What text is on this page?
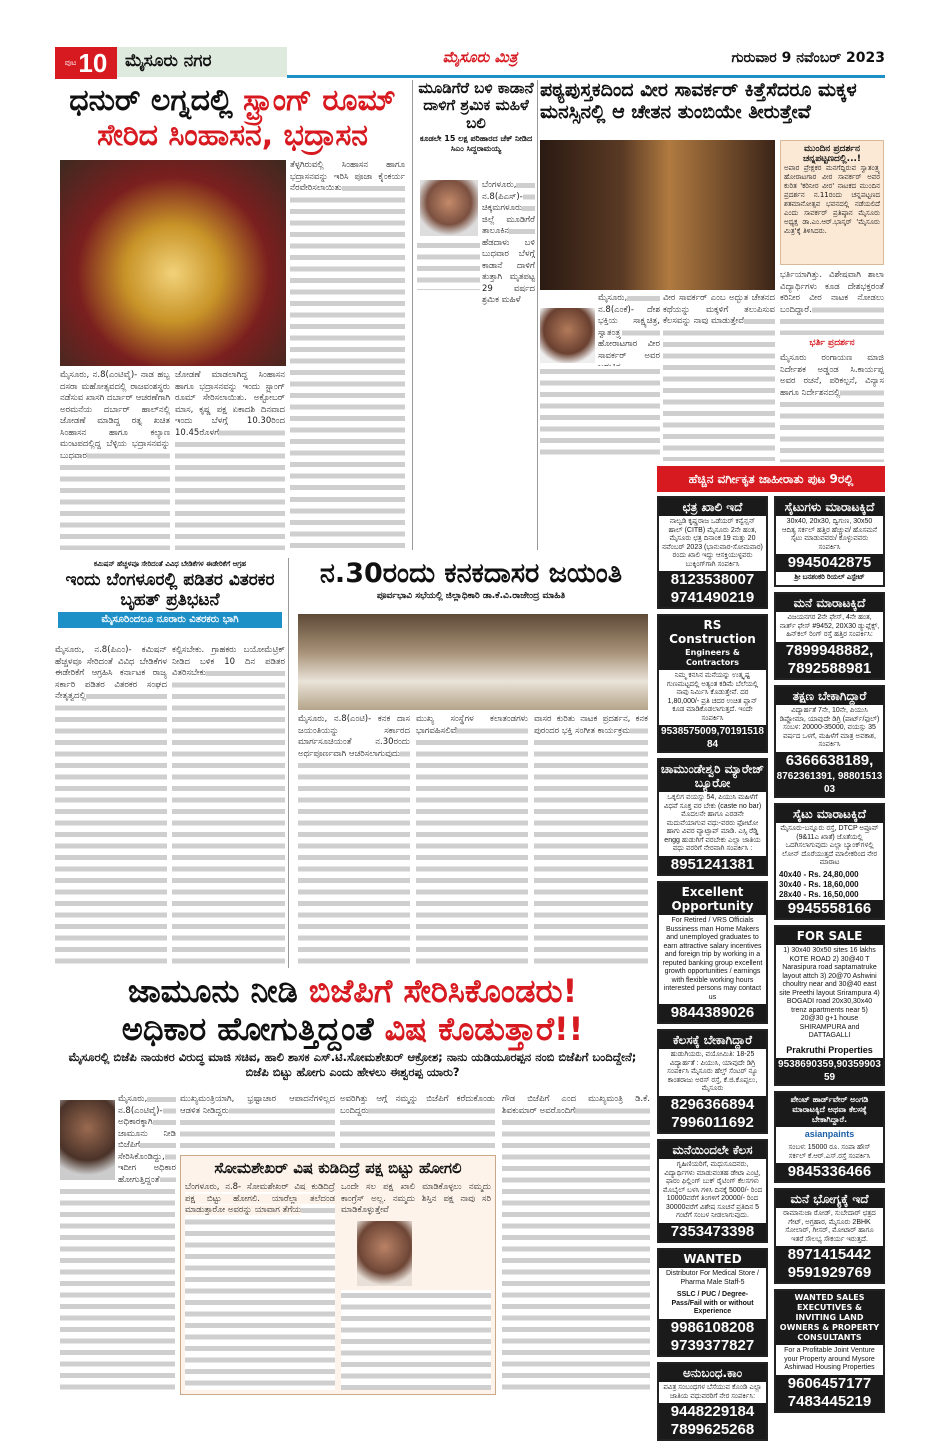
ಪುಟ 10	ಮೈಸೂರು ನಗರ	ಮೈಸೂರು ಮಿತ್ರ	ಗುರುವಾರ 9 ನವೆಂಬರ್ 2023
ಧನುರ್ ಲಗ್ನದಲ್ಲಿ ಸ್ಟ್ರಾಂಗ್ ರೂಮ್
ಸೇರಿದ ಸಿಂಹಾಸನ, ಭದ್ರಾಸನ
ತೆಳ್ಳಗಿರುವಲ್ಲಿ ಸಿಂಹಾಸನ ಹಾಗೂ ಭದ್ರಾಸನವನ್ನು ಇರಿಸಿ ಪೂಜಾ ಕೈಂಕರ್ಯ ನೆರವೇರಿಸಲಾಯಿತು
ಮೈಸೂರು, ನ.8(ಎಂಟಿವೈ)- ನಾಡ ಹಬ್ಬ ದಸರಾ ಮಹೋತ್ಸವದಲ್ಲಿ ರಾಜವಂಶಸ್ಥರು ನಡೆಸುವ ಖಾಸಗಿ ದರ್ಬಾರ್ ಆಚರಣೆಗಾಗಿ ಅರಮನೆಯ ದರ್ಬಾರ್ ಹಾಲ್‌ನಲ್ಲಿ ಜೋಡಣೆ ಮಾಡಿದ್ದ ರತ್ನ ಖಚಿತ ಸಿಂಹಾಸನ ಹಾಗೂ ಕಲ್ಯಾಣ ಮಂಟಪದಲ್ಲಿದ್ದ ಬೆಳ್ಳಿಯ ಭದ್ರಾಸನವನ್ನು ಬುಧವಾರ
ಜೋಡಣೆ ಮಾಡಲಾಗಿದ್ದ ಸಿಂಹಾಸನ ಹಾಗೂ ಭದ್ರಾಸನವನ್ನು ಇಂದು ಸ್ಟ್ರಾಂಗ್ ರೂಮ್ ಸೇರಿಸಲಾಯಿತು. ಅಕ್ಟೋಬರ್ ಮಾಸ, ಕೃಷ್ಣ ಪಕ್ಷ ಏಕಾದಶಿ ದಿನವಾದ ಇಂದು ಬೆಳಗ್ಗೆ 10.30ರಿಂದ 10.45ರೊಳಗೆ
ಮೂಡಿಗೆರೆ ಬಳಿ ಕಾಡಾನೆ ದಾಳಿಗೆ ಶ್ರಮಿಕ ಮಹಿಳೆ ಬಲಿ
ಕೂಡಲೇ 15 ಲಕ್ಷ ಪರಿಹಾರದ ಚೆಕ್ ನೀಡಿದ ಸಿಎಂ ಸಿದ್ದರಾಮಯ್ಯ
ಬೆಂಗಳೂರು, ನ.8(ಪಿಎಸ್)- ಚಿಕ್ಕಮಗಳೂರು ಜಿಲ್ಲೆ ಮೂಡಿಗೆರೆ ತಾಲೂಕಿನ ಹೆಡದಾಳು ಬಳಿ ಬುಧವಾರ ಬೆಳಗ್ಗೆ ಕಾಡಾನೆ ದಾಳಿಗೆ ತುತ್ತಾಗಿ ಮೃತಪಟ್ಟ 29 ವರ್ಷದ ಶ್ರಮಿಕ ಮಹಿಳೆ
ಪಠ್ಯಪುಸ್ತಕದಿಂದ ವೀರ ಸಾವರ್ಕರ್ ಕಿತ್ತೆಸೆದರೂ ಮಕ್ಕಳ ಮನಸ್ಸಿನಲ್ಲಿ ಆ ಚೇತನ ತುಂಬಿಯೇ ತೀರುತ್ತೇವೆ
ಮುಂದಿನ ಪ್ರದರ್ಶನ ಚನ್ನಪಟ್ಟಣದಲ್ಲಿ...!
ಅಪಾರ ಪ್ರೇಕ್ಷಕರ ಮನಗೆದ್ದಿರುವ ಸ್ವಾತಂತ್ರ್ಯ ಹೋರಾಟಗಾರ ವೀರ ಸಾವರ್ಕರ್ ಅವರ ಕುರಿತ 'ಕರಿನೀರ ವೀರ' ನಾಟಕದ ಮುಂದಿನ ಪ್ರದರ್ಶನ ನ.11ರಂದು ಚನ್ನಪಟ್ಟಣದ ಶತಮಾನೋತ್ಸವ ಭವನದಲ್ಲಿ ನಡೆಯಲಿದೆ ಎಂದು ಸಾವರ್ಕರ್ ಪ್ರತಿಷ್ಠಾನ ಮೈಸೂರು ಅಧ್ಯಕ್ಷ ಡಾ.ಎಂ.ಆರ್.ಭಾಸ್ಕರ್ 'ಮೈಸೂರು ಮಿತ್ರ'ಕ್ಕೆ ತಿಳಿಸಿದರು.
ಮೈಸೂರು, ನ.8(ಎಂಕೆ)- ದೇಶ ಭಕ್ತಿಯ ಸಾಕ್ಷ್ಯಚಿತ್ರ, ಸ್ವಾತಂತ್ರ್ಯ ಹೋರಾಟಗಾರ ವೀರ ಸಾವರ್ಕರ್ ಅವರ
ವೀರ ಸಾವರ್ಕರ್ ಎಂಬ ಅದ್ಭುತ ಚೇತನದ ಕಥೆಯನ್ನು ಮಕ್ಕಳಿಗೆ ತಲುಪಿಸುವ ಕೆಲಸವನ್ನು ನಾವು ಮಾಡುತ್ತೇವೆ
ಭರ್ತಿಯಾಗಿತ್ತು. ವಿಶೇಷವಾಗಿ ಶಾಲಾ ವಿದ್ಯಾರ್ಥಿಗಳು ಕೂಡ ದೇಶಭಕ್ತರಂತೆ ಕರಿನೀರ ವೀರ ನಾಟಕ ನೋಡಲು ಬಂದಿದ್ದಾರೆ.
ಭರ್ತಿ ಪ್ರದರ್ಶನ
ಮೈಸೂರು ರಂಗಾಯಣ ಮಾಜಿ ನಿರ್ದೇಶಕ ಅಡ್ಡಂಡ ಸಿ.ಕಾರ್ಯಪ್ಪ ಅವರ ರಚನೆ, ಪರಿಕಲ್ಪನೆ, ವಿನ್ಯಾಸ ಹಾಗೂ ನಿರ್ದೇಶನದಲ್ಲಿ
ಹೆಚ್ಚಿನ ವರ್ಗೀಕೃತ ಜಾಹೀರಾತು ಪುಟ 9ರಲ್ಲಿ
ಕಮಿಷನ್ ಹೆಚ್ಚಳವೂ ಸೇರಿದಂತೆ ವಿವಿಧ ಬೇಡಿಕೆಗಳ ಈಡೇರಿಕೆಗೆ ಆಗ್ರಹ
ಇಂದು ಬೆಂಗಳೂರಲ್ಲಿ ಪಡಿತರ ವಿತರಕರ ಬೃಹತ್ ಪ್ರತಿಭಟನೆ
ಮೈಸೂರಿಂದಲೂ ನೂರಾರು ವಿತರಕರು ಭಾಗಿ
ಮೈಸೂರು, ನ.8(ಪಿಎಂ)- ಕಮಿಷನ್ ಹೆಚ್ಚಳವೂ ಸೇರಿದಂತೆ ವಿವಿಧ ಬೇಡಿಕೆಗಳ ಈಡೇರಿಕೆಗೆ ಆಗ್ರಹಿಸಿ ಕರ್ನಾಟಕ ರಾಜ್ಯ ಸರ್ಕಾರಿ ಪಡಿತರ ವಿತರಕರ ಸಂಘದ ನೇತೃತ್ವದಲ್ಲಿ
ಕಲ್ಪಿಸಬೇಕು. ಗ್ರಾಹಕರು ಬಯೋಮೆಟ್ರಿಕ್ ನೀಡಿದ ಬಳಿಕ 10 ದಿನ ಪಡಿತರ ವಿತರಿಸಬೇಕು
ನ.30ರಂದು ಕನಕದಾಸರ ಜಯಂತಿ
ಪೂರ್ವಭಾವಿ ಸಭೆಯಲ್ಲಿ ಜಿಲ್ಲಾಧಿಕಾರಿ ಡಾ.ಕೆ.ವಿ.ರಾಜೇಂದ್ರ ಮಾಹಿತಿ
ಮೈಸೂರು, ನ.8(ಎಂಟಿ)- ಕನಕ ದಾಸ ಜಯಂತಿಯನ್ನು ಸರ್ಕಾರದ ಮಾರ್ಗಸೂಚಿಯಂತೆ ನ.30ರಂದು ಅರ್ಥಪೂರ್ಣವಾಗಿ ಆಚರಿಸಲಾಗುವುದು
ಮುಖ್ಯ ಸಂಸ್ಥೆಗಳ ಕಲಾತಂಡಗಳು ಭಾಗವಹಿಸಲಿವೆ
ವಾಸರ ಕುರಿತು ನಾಟಕ ಪ್ರದರ್ಶನ, ಕನಕ ಪುರಂದರ ಭಕ್ತಿ ಸಂಗೀತ ಕಾರ್ಯಕ್ರಮ
ಜಾಮೂನು ನೀಡಿ ಬಿಜೆಪಿಗೆ ಸೇರಿಸಿಕೊಂಡರು!
ಅಧಿಕಾರ ಹೋಗುತ್ತಿದ್ದಂತೆ ವಿಷ ಕೊಡುತ್ತಾರೆ!!
ಮೈಸೂರಲ್ಲಿ ಬಿಜೆಪಿ ನಾಯಕರ ವಿರುದ್ಧ ಮಾಜಿ ಸಚಿವ, ಹಾಲಿ ಶಾಸಕ ಎಸ್.ಟಿ.ಸೋಮಶೇಖರ್ ಆಕ್ರೋಶ; ನಾನು ಯಡಿಯೂರಪ್ಪನ ನಂಬಿ ಬಿಜೆಪಿಗೆ ಬಂದಿದ್ದೇನೆ; ಬಿಜೆಪಿ ಬಿಟ್ಟು ಹೋಗು ಎಂದು ಹೇಳಲು ಈಶ್ವರಪ್ಪ ಯಾರು?
ಮೈಸೂರು, ನ.8(ಎಂಟಿವೈ)- ಅಧಿಕಾರಕ್ಕಾಗಿ ಜಾಮೂನು ನೀಡಿ ಬಿಜೆಪಿಗೆ ಸೇರಿಸಿಕೊಂಡಿದ್ದು, ಇದೀಗ ಅಧಿಕಾರ ಹೋಗುತ್ತಿದ್ದಂತೆ
ಮುಖ್ಯಮಂತ್ರಿಯಾಗಿ, ಭ್ರಷ್ಟಾಚಾರ ಆಪಾದನೆಗಳಿಲ್ಲದ ಆಡಳಿತ ನೀಡಿದ್ದರು
ಅವರಿಗಿತ್ತು ಆಗ್ಗೆ ನಮ್ಮನ್ನು ಬಿಜೆಪಿಗೆ ಕರೆದುಕೊಂಡು ಬಂದಿದ್ದರು
ಗೌಡ ಬಿಜೆಪಿಗೆ ಎಂದ ಮುಖ್ಯಮಂತ್ರಿ ಡಿ.ಕೆ. ಶಿವಕುಮಾರ್ ಅವರೊಂದಿಗೆ
ಸೋಮಶೇಖರ್ ವಿಷ ಕುಡಿದಿದ್ರೆ ಪಕ್ಷ ಬಿಟ್ಟು ಹೋಗಲಿ
ಬೆಂಗಳೂರು, ನ.8- ಸೋಮಶೇಖರ್ ವಿಷ ಕುಡಿದಿದ್ರೆ ಪಕ್ಷ ಬಿಟ್ಟು ಹೋಗಲಿ. ಯಾರೆಲ್ಲಾ ತಲೆದಂಡ ಮಾಡುತ್ತಾರೋ ಅವರನ್ನು ಯಾವಾಗ ತೆಗೆಯ
ಒಂದೇ ಸಲ ಪಕ್ಷ ಖಾಲಿ ಮಾಡಿಕೊಳ್ಳಲು ನಮ್ಮದು ಕಾಂಗ್ರೆಸ್ ಅಲ್ಲ. ನಮ್ಮದು ಶಿಸ್ತಿನ ಪಕ್ಷ ನಾವು ಸರಿ ಮಾಡಿಕೊಳ್ಳುತ್ತೇವೆ
ಛತ್ರ ಖಾಲಿ ಇದೆ
ನಾಲ್ವಡಿ ಕೃಷ್ಣರಾಜ ಒಡೆಯರ್ ಕನ್ವೆನ್ಷನ್ ಹಾಲ್ (CITB) ಮೈಸೂರು 2ನೇ ಹಂತ, ಮೈಸೂರು ಛತ್ರ ದಿನಾಂಕ 19 ಮತ್ತು 20 ನವೆಂಬರ್ 2023 (ಭಾನುವಾರ-ಸೋಮವಾರ) ರಂದು ಖಾಲಿ ಇದ್ದು ಆಸಕ್ತಿಯುಳ್ಳವರು ಬುಕ್ಕಿಂಗ್‌ಗಾಗಿ ಸಂಪರ್ಕಿಸಿ
8123538007
9741490219
ಸೈಟುಗಳು ಮಾರಾಟಕ್ಕಿದೆ
30x40, 20x30, ದ್ವಿಗುಣ, 30x50 ಆದಿತ್ಯ ಸರ್ಕಲ್ ಹತ್ತಿರ ಹೆಚ್ಚುವ/ ಹೊಸಮನೆ ಸೈಟು ಮಾಡುವವರು/ ಕೊಳ್ಳುವವರು ಸಂಪರ್ಕಿಸಿ
9945042875
ಶ್ರೀ ಬನಶಂಕರಿ ರಿಯಲ್ ಎಸ್ಟೇಟ್
RS Construction
Engineers & Contractors
ನಿಮ್ಮ ಕನಸಿನ ಮನೆಯನ್ನು ಉತ್ಕೃಷ್ಟ ಗುಣಮಟ್ಟದಲ್ಲಿ ಅತ್ಯಂತ ಕಡಿಮೆ ಬೆಲೆಯಲ್ಲಿ ನಾವು ನಿರ್ಮಿಸಿ ಕೊಡುತ್ತೇವೆ. ದರ 1,80,000/- ಪ್ರತಿ ಚದರ ಉಚಿತ ಪ್ಲಾನ್ ಕೂಡ ಮಾಡಿಕೊಡಲಾಗುತ್ತದೆ. ಇಂದೇ ಸಂಪರ್ಕಿಸಿ
9538575009,7019151884
ಮನೆ ಮಾರಾಟಕ್ಕಿದೆ
ವಿಜಯನಗರ 2ನೇ ಫೇಸ್, 4ನೇ ಹಂತ, ನಾರ್ತ್ ಫೇಸ್ #9452, 20X30 ಡ್ಯುಪ್ಲೆಕ್ಸ್, ಹಿನ್‌ಕಲ್ ರಿಂಗ್ ರಸ್ತೆ ಹತ್ತಿರ ಸಂಪರ್ಕಿಸಿ:
7899948882,
7892588981
ಚಾಮುಂಡೇಶ್ವರಿ ಮ್ಯಾರೇಜ್ ಬ್ಯೂರೋ
ಒಕ್ಕಲಿಗ ವಯಸ್ಸು 54, ಪಿಯುಸಿ ಮಹಿಳೆಗೆ ವಿಧವೆ ಸೂಕ್ತ ವರ ಬೇಕು (caste no bar) ಮೊದಲನೇ ಹಾಗೂ ಎರಡನೇ ಮದುವೆಯಾಗುವ ವಧು-ವರರು ಫೋಟೋ ಹಾಗು ವಿವರ ವ್ಯಾಟ್ಸಾಪ್ ಮಾಡಿ. ಎಸ್ಸಿ ರೆಡ್ಡಿ engg ಹುಡುಗಿಗೆ ವರಬೇಕು ಎಲ್ಲಾ ಜಾತಿಯ ವಧು ವರರಿಗೆ ನೇರವಾಗಿ ಸಂಪರ್ಕಿಸಿ :
8951241381
ತಕ್ಷಣ ಬೇಕಾಗಿದ್ದಾರೆ
ವಿದ್ಯಾರ್ಹತೆ 7ನೇ, 10ನೇ, ಪಿಯುಸಿ ಡಿಪ್ಲೋಮಾ, ಯಾವುದೇ ಡಿಗ್ರಿ (ಪಾರ್ಟ್/ಫುಲ್) ಸಂಬಳ: 20000-35000, ವಯಸ್ಸು 35 ವರ್ಷದ ಒಳಗೆ, ಮಹಿಳೆಗೆ ಮಾತ್ರ ಅವಕಾಶ, ಸಂಪರ್ಕಿಸಿ
6366638189,
8762361391, 9880151303
Excellent Opportunity
For Retired / VRS Officials Bussiness man Home Makers and unemployed graduates to earn attractive salary incentives and foreign trip by working in a reputed banking group excellent growth opportunities / earnings with flexible working hours interested persons may contact us
9844389026
ಸೈಟು ಮಾರಾಟಕ್ಕಿದೆ
ಮೈಸೂರು-ಬನ್ನೂರು ರಸ್ತೆ, DTCP ಅಪ್ರೂವ್ (9&11ಎ ಖಾತೆ) ಜೊತೆಯಲ್ಲಿ ಒದಗಿಸಲಾಗುವುದು ಎಲ್ಲಾ ಬ್ಯಾಂಕ್‌ಗಳಲ್ಲಿ ಲೋನ್ ದೊರೆಯುತ್ತದೆ ಮಾಲೀಕರಿಂದ ನೇರ ಮಾರಾಟ
40x40 - Rs. 24,80,000
30x40 - Rs. 18,60,000
28x40 - Rs. 16,50,000
9945558166
ಕೆಲಸಕ್ಕೆ ಬೇಕಾಗಿದ್ದಾರೆ
ಹುಡುಗಿಯರು, ವಯೋಮಿತಿ: 18-25 ವಿದ್ಯಾರ್ಹತೆ : ಪಿಯುಸಿ, ಯಾವುದೇ ಡಿಗ್ರಿ ಸಂಪರ್ಕಿಸಿ ಮೈಸೂರು ಹೆಲ್ತ್ ಸೆಂಟರ್ ನ್ಯೂ ಕಾಂತರಾಜು ಅರಸ್ ರಸ್ತೆ, ಕೆ.ಜಿ.ಕೊಪ್ಪಲು, ಮೈಸೂರು
8296366894
7996011692
FOR SALE
1) 30x40 30x50 sites 16 lakhs KOTE ROAD 2) 30@40 T Narasipura road saptamatruke layout attch 3) 20@70 Ashwini choultry near and 30@40 east site Preethi layout Srirampura 4) BOGADI road 20x30,30x40 trenz apartments near 5) 20@30 g+1 house SHIRAMPURA and DATTAGALLI
Prakruthi Properties
9538690359,9035990359
ಮನೆಯಿಂದಲೇ ಕೆಲಸ
ಗೃಹಿಣಿಯರಿಗೆ, ಮಧುಸೂದನರು, ವಿದ್ಯಾರ್ಥಿಗಳು ಮಾಡುವಂತಹ ಡೇಟಾ ಎಂಟ್ರಿ, ಫಾರಂ ಫಿಲ್ಲಿಂಗ್ ಬುಕ್ ರೈಟಿಂಗ್ ಕೆಲಸಗಳು ಮೊಬೈಲ್ ಬಳಸಿ ಗಳಿಸಿ ದಿನಕ್ಕೆ 5000/- ರಿಂದ 10000ವರೆಗೆ ತಿಂಗಳಿಗೆ 20000/- ರಿಂದ 30000ವರೆಗೆ ವಿಶೇಷ ಸೂಚನೆ ಪ್ರತಿದಿನ 5 ಗಂಟೆಗೆ ಸಂಬಳ ನೀಡಲಾಗುವುದು.
7353473398
ಪೇಂಟ್ ಹಾರ್ಡ್‌ವೇರ್ ಅಂಗಡಿ ಮಾರಾಟಕ್ಕಿದೆ ಅಥವಾ ಕೆಲಸಕ್ಕೆ ಬೇಕಾಗಿದ್ದಾರೆ.
asianpaints
ಸಂಬಳ: 15000 ರೂ. ಸಂಪಾ ಹೌಸ್ ಸರ್ಕಲ್ ಕೆ.ಆರ್.ಎಸ್.ರಸ್ತೆ ಸಂಪರ್ಕಿಸಿ
9845336466
WANTED
Distributor For Medical Store / Pharma Male Staff-5
SSLC / PUC / Degree-Pass/Fail with or without Experience
9986108208
9739377827
ಮನೆ ಭೋಗ್ಯಕ್ಕೆ ಇದೆ
ರಾಮಾನುಜಾ ರೋಡ್, ಸುಬೇದಾರ್ ಛತ್ರದ ಗೇಟ್, ಅಗ್ರಹಾರ, ಮೈಸೂರು 2BHK ಸೋಲಾರ್, ಗೀಸರ್, ಮೋಟಾರ್ ಹಾಗೂ ಇತರೆ ಸೌಲಭ್ಯ ಸೌಕರ್ಯ ಇರುತ್ತದೆ.
8971415442
9591929769
ಅನುಬಂಧ.ಕಾಂ
ಪವಿತ್ರ ಸಂಬಂಧಗಳ ಬೆಸೆಯುವ ಕೊಂಡಿ ಎಲ್ಲಾ ಜಾತಿಯ ವಧುವರರಿಗೆ ನೇರ ಸಂಪರ್ಕಿಸಿ:
9448229184
7899625268
WANTED SALES EXECUTIVES & INVITING LAND OWNERS & PROPERTY CONSULTANTS
For a Profitable Joint Venture your Property around Mysore Ashirwad Housing Properties
9606457177
7483445219
